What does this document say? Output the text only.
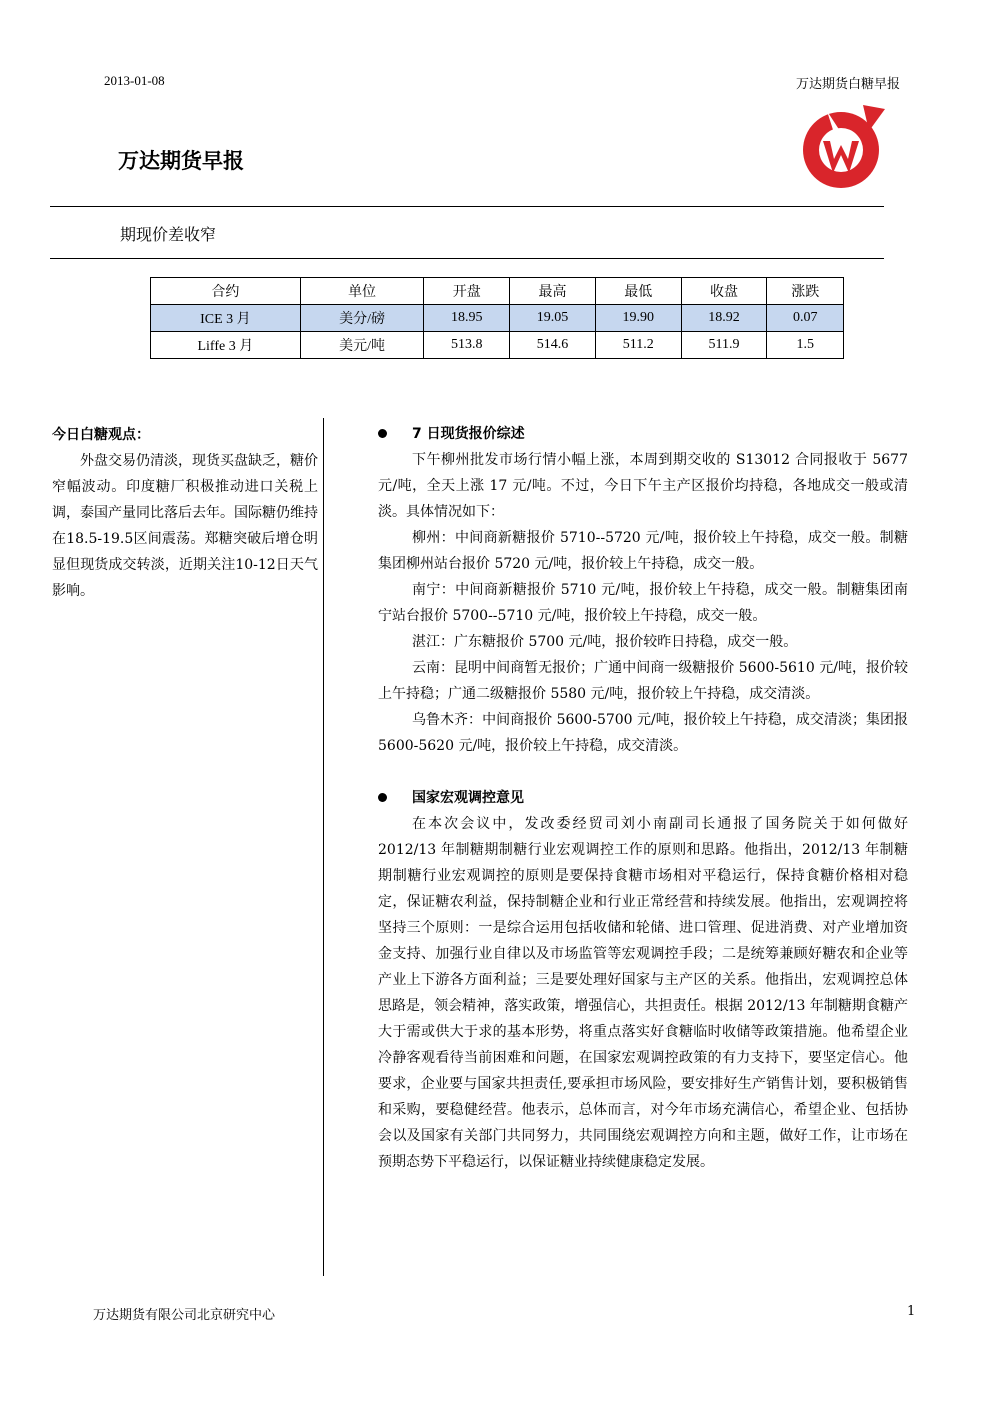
2013-01-08	万达期货白糖早报
万达期货早报
期现价差收窄
合约	单位	开盘	最高	最低	收盘	涨跌
ICE 3 月	美分/磅	18.95	19.05	19.90	18.92	0.07
Liffe 3 月	美元/吨	513.8	514.6	511.2	511.9	1.5
今日白糖观点：

外盘交易仍清淡，现货买盘缺乏，糖价窄幅波动。印度糖厂积极推动进口关税上调，泰国产量同比落后去年。国际糖仍维持在18.5-19.5区间震荡。郑糖突破后增仓明显但现货成交转淡，近期关注10-12日天气影响。

7 日现货报价综述

下午柳州批发市场行情小幅上涨，本周到期交收的 S13012 合同报收于 5677 元/吨，全天上涨 17 元/吨。不过，今日下午主产区报价均持稳，各地成交一般或清淡。具体情况如下：

柳州：中间商新糖报价 5710--5720 元/吨，报价较上午持稳，成交一般。制糖集团柳州站台报价 5720 元/吨，报价较上午持稳，成交一般。

南宁：中间商新糖报价 5710 元/吨，报价较上午持稳，成交一般。制糖集团南宁站台报价 5700--5710 元/吨，报价较上午持稳，成交一般。

湛江：广东糖报价 5700 元/吨，报价较昨日持稳，成交一般。

云南：昆明中间商暂无报价；广通中间商一级糖报价 5600-5610 元/吨，报价较上午持稳；广通二级糖报价 5580 元/吨，报价较上午持稳，成交清淡。

乌鲁木齐：中间商报价 5600-5700 元/吨，报价较上午持稳，成交清淡；集团报 5600-5620 元/吨，报价较上午持稳，成交清淡。

国家宏观调控意见

在本次会议中，发改委经贸司刘小南副司长通报了国务院关于如何做好 2012/13 年制糖期制糖行业宏观调控工作的原则和思路。他指出，2012/13 年制糖期制糖行业宏观调控的原则是要保持食糖市场相对平稳运行，保持食糖价格相对稳定，保证糖农利益，保持制糖企业和行业正常经营和持续发展。他指出，宏观调控将坚持三个原则：一是综合运用包括收储和轮储、进口管理、促进消费、对产业增加资金支持、加强行业自律以及市场监管等宏观调控手段；二是统筹兼顾好糖农和企业等产业上下游各方面利益；三是要处理好国家与主产区的关系。他指出，宏观调控总体思路是，领会精神，落实政策，增强信心，共担责任。根据 2012/13 年制糖期食糖产大于需或供大于求的基本形势，将重点落实好食糖临时收储等政策措施。他希望企业冷静客观看待当前困难和问题，在国家宏观调控政策的有力支持下，要坚定信心。他要求，企业要与国家共担责任,要承担市场风险，要安排好生产销售计划，要积极销售和采购，要稳健经营。他表示，总体而言，对今年市场充满信心，希望企业、包括协会以及国家有关部门共同努力，共同围绕宏观调控方向和主题，做好工作，让市场在预期态势下平稳运行，以保证糖业持续健康稳定发展。

万达期货有限公司北京研究中心	1
